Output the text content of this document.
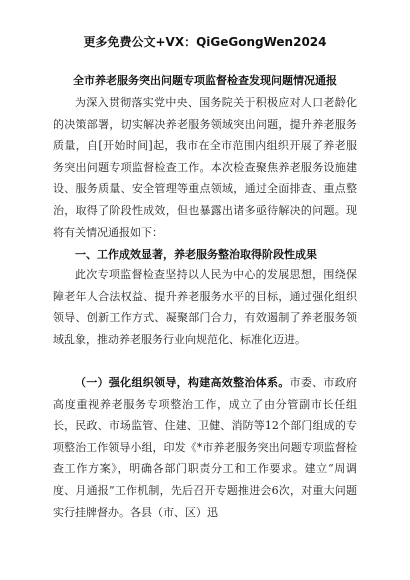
更多免费公文+VX：QiGeGongWen2024
全市养老服务突出问题专项监督检查发现问题情况通报

为深入贯彻落实党中央、国务院关于积极应对人口老龄化的决策部署，切实解决养老服务领域突出问题，提升养老服务质量，自[开始时间]起，我市在全市范围内组织开展了养老服务突出问题专项监督检查工作。本次检查聚焦养老服务设施建设、服务质量、安全管理等重点领域，通过全面排查、重点整治，取得了阶段性成效，但也暴露出诸多亟待解决的问题。现将有关情况通报如下：

一、工作成效显著，养老服务整治取得阶段性成果

此次专项监督检查坚持以人民为中心的发展思想，围绕保障老年人合法权益、提升养老服务水平的目标，通过强化组织领导、创新工作方式、凝聚部门合力，有效遏制了养老服务领域乱象，推动养老服务行业向规范化、标准化迈进。

（一）强化组织领导，构建高效整治体系。市委、市政府高度重视养老服务专项整治工作，成立了由分管副市长任组长，民政、市场监管、住建、卫健、消防等12个部门组成的专项整治工作领导小组，印发《*市养老服务突出问题专项监督检查工作方案》，明确各部门职责分工和工作要求。建立“周调度、月通报”工作机制，先后召开专题推进会6次，对重大问题实行挂牌督办。各县（市、区）迅
